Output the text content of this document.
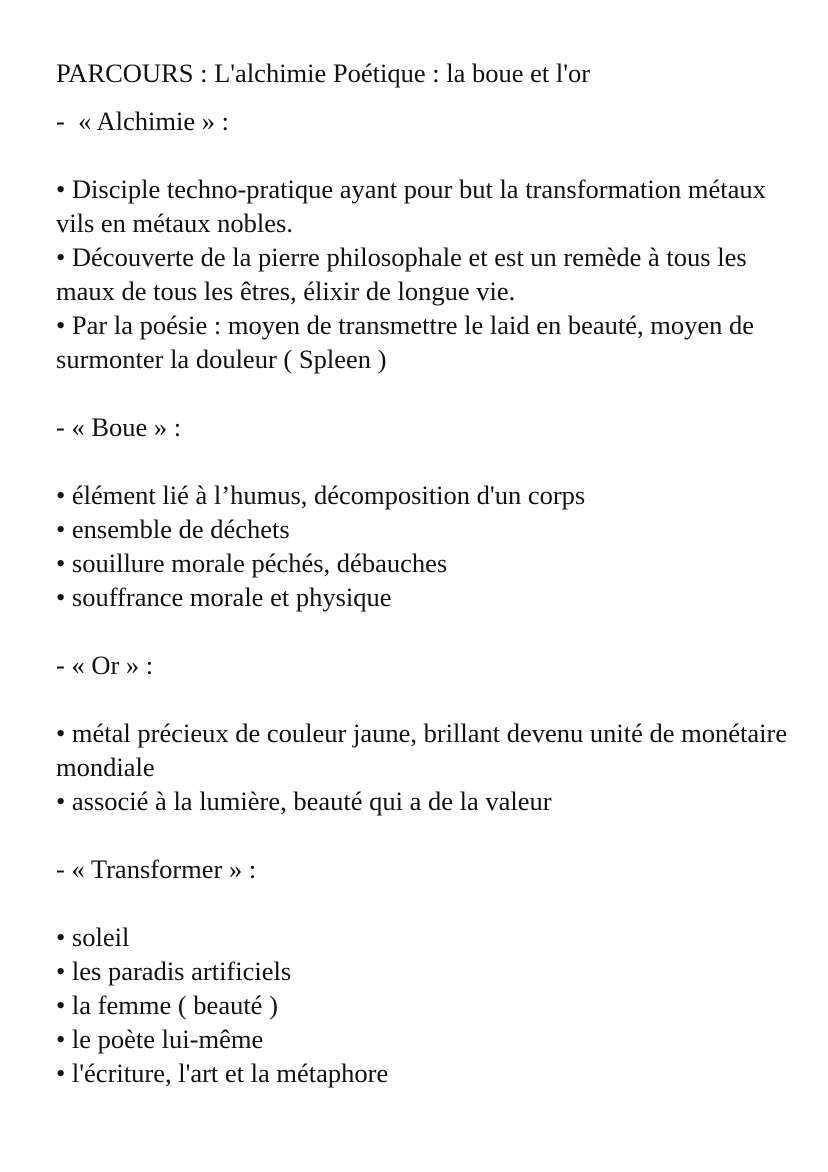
PARCOURS : L'alchimie Poétique : la boue et l'or
-  « Alchimie » :
• Disciple techno-pratique ayant pour but la transformation métaux vils en métaux nobles.
• Découverte de la pierre philosophale et est un remède à tous les maux de tous les êtres, élixir de longue vie.
• Par la poésie : moyen de transmettre le laid en beauté, moyen de surmonter la douleur ( Spleen )
- « Boue » :
• élément lié à l’humus, décomposition d'un corps
• ensemble de déchets
• souillure morale péchés, débauches
• souffrance morale et physique
- « Or » :
• métal précieux de couleur jaune, brillant devenu unité de monétaire mondiale
• associé à la lumière, beauté qui a de la valeur
- « Transformer » :
• soleil
• les paradis artificiels
• la femme ( beauté )
• le poète lui-même
• l'écriture, l'art et la métaphore
